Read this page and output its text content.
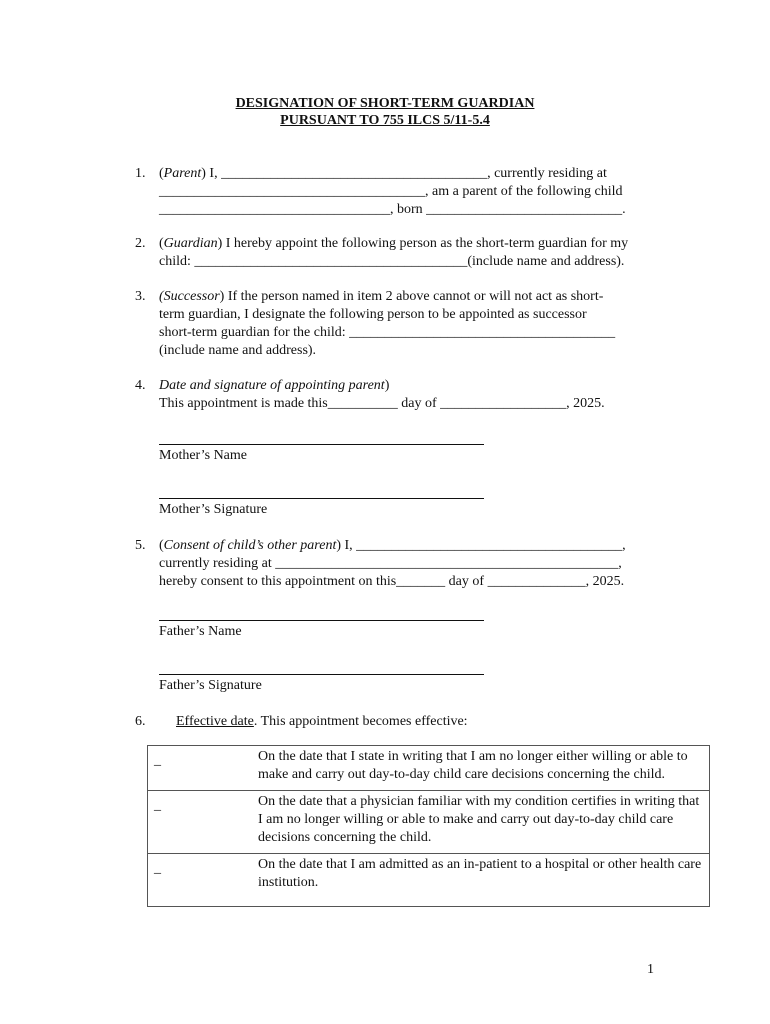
DESIGNATION OF SHORT-TERM GUARDIAN
PURSUANT TO 755 ILCS 5/11-5.4
1. (Parent) I, ______________________________________, currently residing at
______________________________________, am a parent of the following child
_________________________________, born ____________________________.
2. (Guardian) I hereby appoint the following person as the short-term guardian for my
child: _______________________________________(include name and address).
3. (Successor) If the person named in item 2 above cannot or will not act as short-
term guardian, I designate the following person to be appointed as successor
short-term guardian for the child: ______________________________________
(include name and address).
4. Date and signature of appointing parent)
This appointment is made this__________ day of __________________, 2025.
Mother’s Name
Mother’s Signature
5. (Consent of child’s other parent) I, ______________________________________,
currently residing at _________________________________________________,
hereby consent to this appointment on this_______ day of ______________, 2025.
Father’s Name
Father’s Signature
6. Effective date. This appointment becomes effective:
_	On the date that I state in writing that I am no longer either willing or able to make and carry out day-to-day child care decisions concerning the child.
_	On the date that a physician familiar with my condition certifies in writing that I am no longer willing or able to make and carry out day-to-day child care decisions concerning the child.
_	On the date that I am admitted as an in-patient to a hospital or other health care institution.
1
